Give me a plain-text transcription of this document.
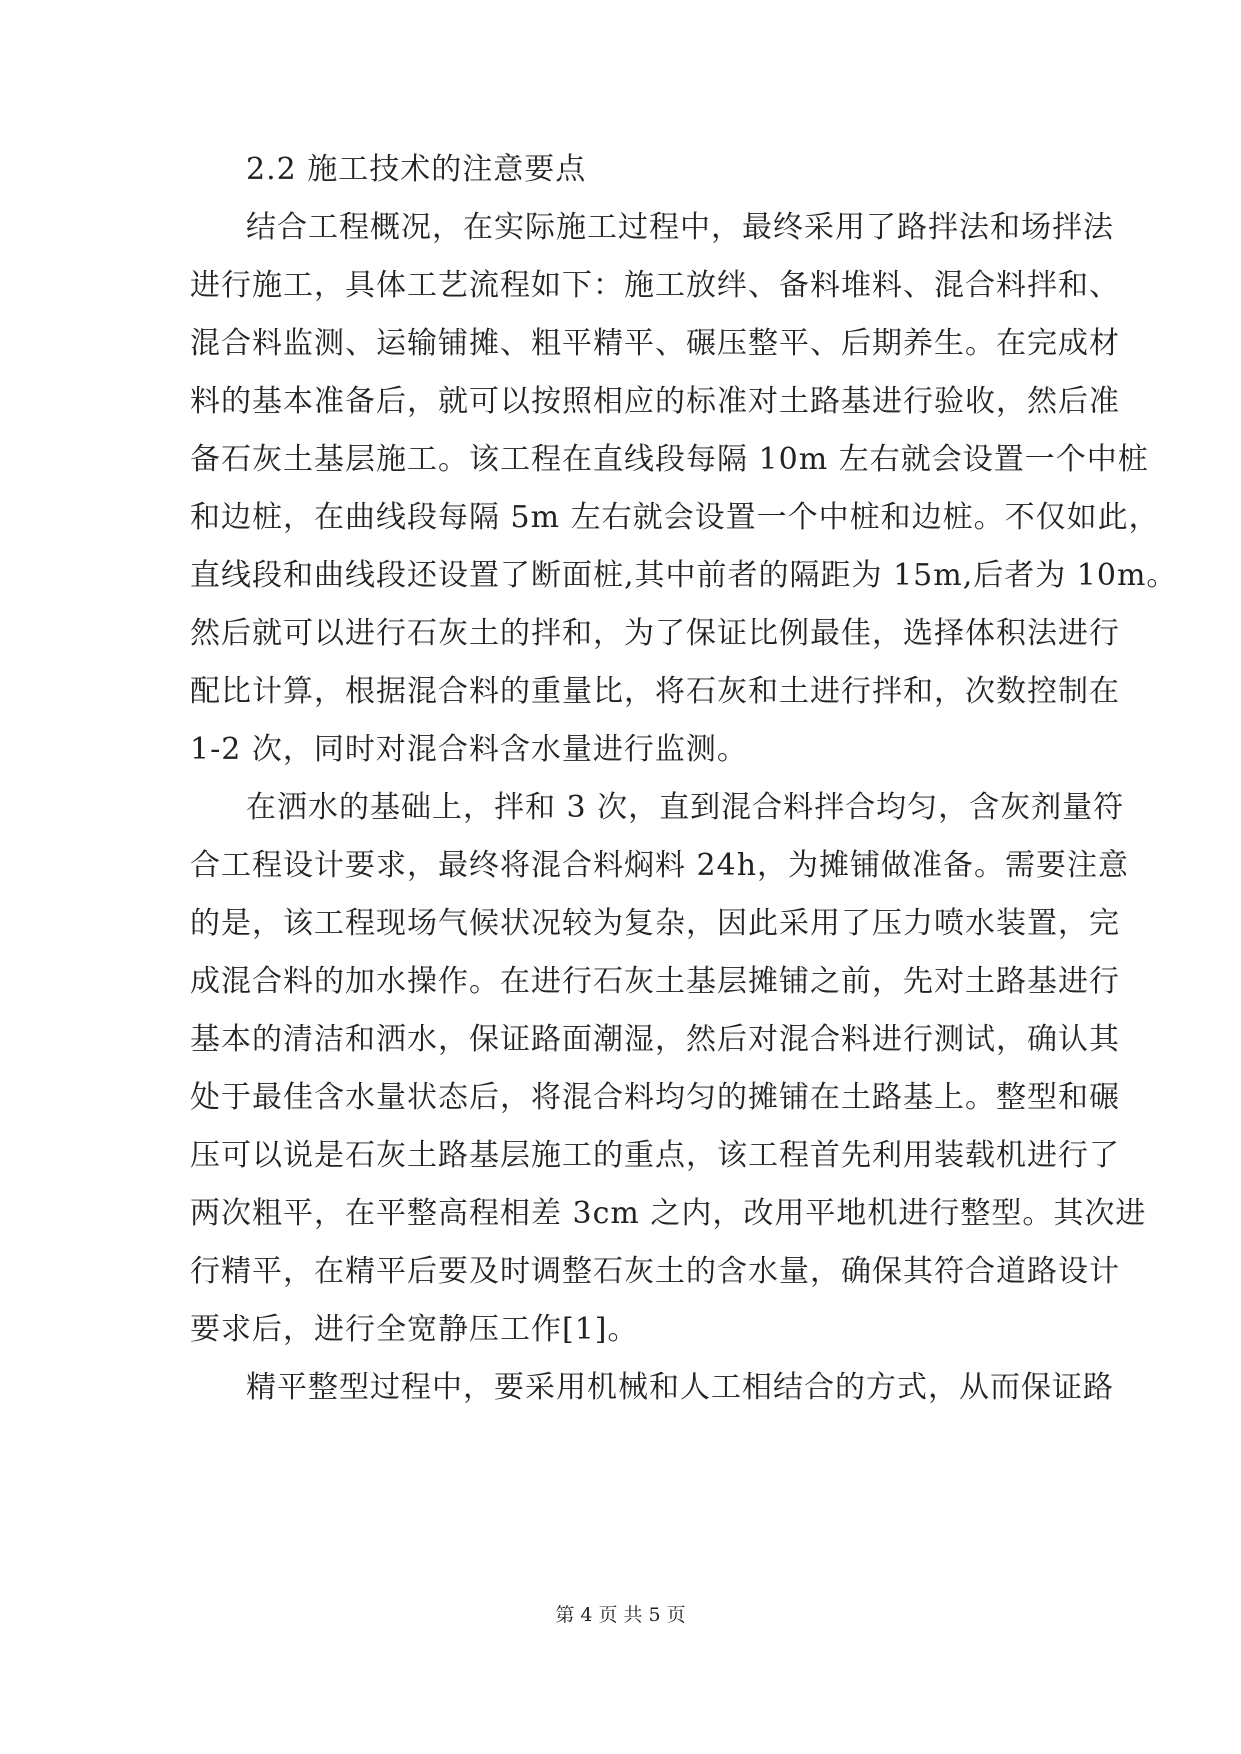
2.2 施工技术的注意要点
结合工程概况，在实际施工过程中，最终采用了路拌法和场拌法
进行施工，具体工艺流程如下：施工放绊、备料堆料、混合料拌和、
混合料监测、运输铺摊、粗平精平、碾压整平、后期养生。在完成材
料的基本准备后，就可以按照相应的标准对土路基进行验收，然后准
备石灰土基层施工。该工程在直线段每隔 10m 左右就会设置一个中桩
和边桩，在曲线段每隔 5m 左右就会设置一个中桩和边桩。不仅如此，
直线段和曲线段还设置了断面桩,其中前者的隔距为 15m,后者为 10m。
然后就可以进行石灰土的拌和，为了保证比例最佳，选择体积法进行
配比计算，根据混合料的重量比，将石灰和土进行拌和，次数控制在
1-2 次，同时对混合料含水量进行监测。
在洒水的基础上，拌和 3 次，直到混合料拌合均匀，含灰剂量符
合工程设计要求，最终将混合料焖料 24h，为摊铺做准备。需要注意
的是，该工程现场气候状况较为复杂，因此采用了压力喷水装置，完
成混合料的加水操作。在进行石灰土基层摊铺之前，先对土路基进行
基本的清洁和洒水，保证路面潮湿，然后对混合料进行测试，确认其
处于最佳含水量状态后，将混合料均匀的摊铺在土路基上。整型和碾
压可以说是石灰土路基层施工的重点，该工程首先利用装载机进行了
两次粗平，在平整高程相差 3cm 之内，改用平地机进行整型。其次进
行精平，在精平后要及时调整石灰土的含水量，确保其符合道路设计
要求后，进行全宽静压工作[1]。
精平整型过程中，要采用机械和人工相结合的方式，从而保证路
第 4 页 共 5 页
